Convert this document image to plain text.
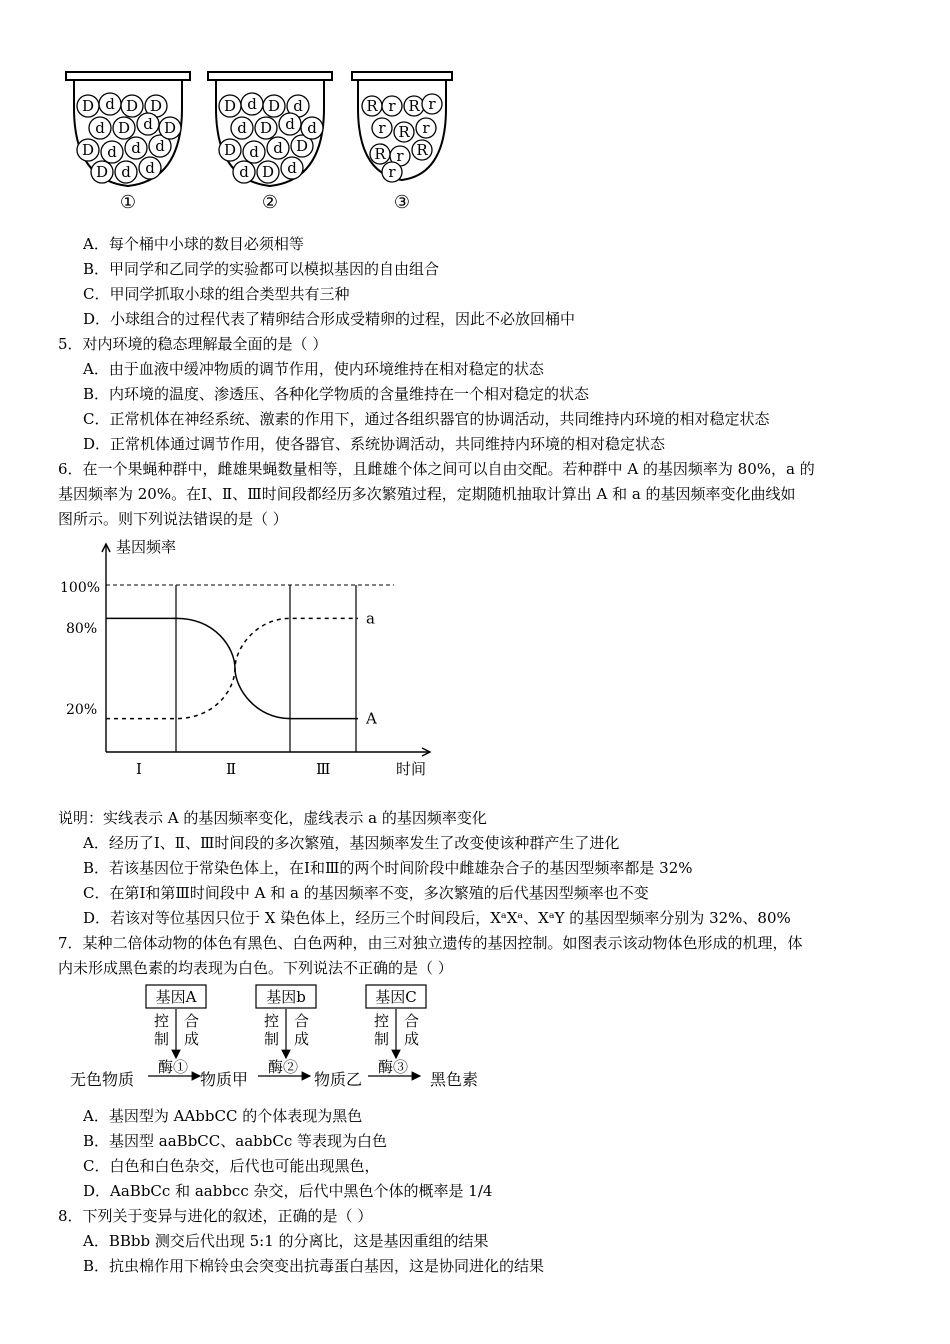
D d D D
d D d
D d d d
D d d
D
①
D d D d
d D d
D d d D
d D d
d
②
R r R r
r R r
R r R
r
③
A．每个桶中小球的数目必须相等
B．甲同学和乙同学的实验都可以模拟基因的自由组合
C．甲同学抓取小球的组合类型共有三种
D．小球组合的过程代表了精卵结合形成受精卵的过程，因此不必放回桶中
5．对内环境的稳态理解最全面的是（ ）
A．由于血液中缓冲物质的调节作用，使内环境维持在相对稳定的状态
B．内环境的温度、渗透压、各种化学物质的含量维持在一个相对稳定的状态
C．正常机体在神经系统、激素的作用下，通过各组织器官的协调活动，共同维持内环境的相对稳定状态
D．正常机体通过调节作用，使各器官、系统协调活动，共同维持内环境的相对稳定状态
6．在一个果蝇种群中，雌雄果蝇数量相等，且雌雄个体之间可以自由交配。若种群中 A 的基因频率为 80%，a 的
基因频率为 20%。在Ⅰ、Ⅱ、Ⅲ时间段都经历多次繁殖过程，定期随机抽取计算出 A 和 a 的基因频率变化曲线如
图所示。则下列说法错误的是（ ）
基因频率
时间
100%
80%
20%
Ⅰ	Ⅱ	Ⅲ
A
a
说明：实线表示 A 的基因频率变化，虚线表示 a 的基因频率变化
A．经历了Ⅰ、Ⅱ、Ⅲ时间段的多次繁殖，基因频率发生了改变使该种群产生了进化
B．若该基因位于常染色体上，在Ⅰ和Ⅲ的两个时间阶段中雌雄杂合子的基因型频率都是 32%
C．在第Ⅰ和第Ⅲ时间段中 A 和 a 的基因频率不变，多次繁殖的后代基因型频率也不变
D．若该对等位基因只位于 X 染色体上，经历三个时间段后，XᵃXᵃ、XᵃY 的基因型频率分别为 32%、80%
7．某种二倍体动物的体色有黑色、白色两种，由三对独立遗传的基因控制。如图表示该动物体色形成的机理，体
内未形成黑色素的均表现为白色。下列说法不正确的是（ ）
基因A	基因b	基因C
控
制
合
成
控
制
合
成
控
制
合
成
酶①	酶②	酶③
无色物质	物质甲	物质乙	黑色素
A．基因型为 AAbbCC 的个体表现为黑色
B．基因型 aaBbCC、aabbCc 等表现为白色
C．白色和白色杂交，后代也可能出现黑色，
D．AaBbCc 和 aabbcc 杂交，后代中黑色个体的概率是 1/4
8．下列关于变异与进化的叙述，正确的是（ ）
A．BBbb 测交后代出现 5:1 的分离比，这是基因重组的结果
B．抗虫棉作用下棉铃虫会突变出抗毒蛋白基因，这是协同进化的结果
